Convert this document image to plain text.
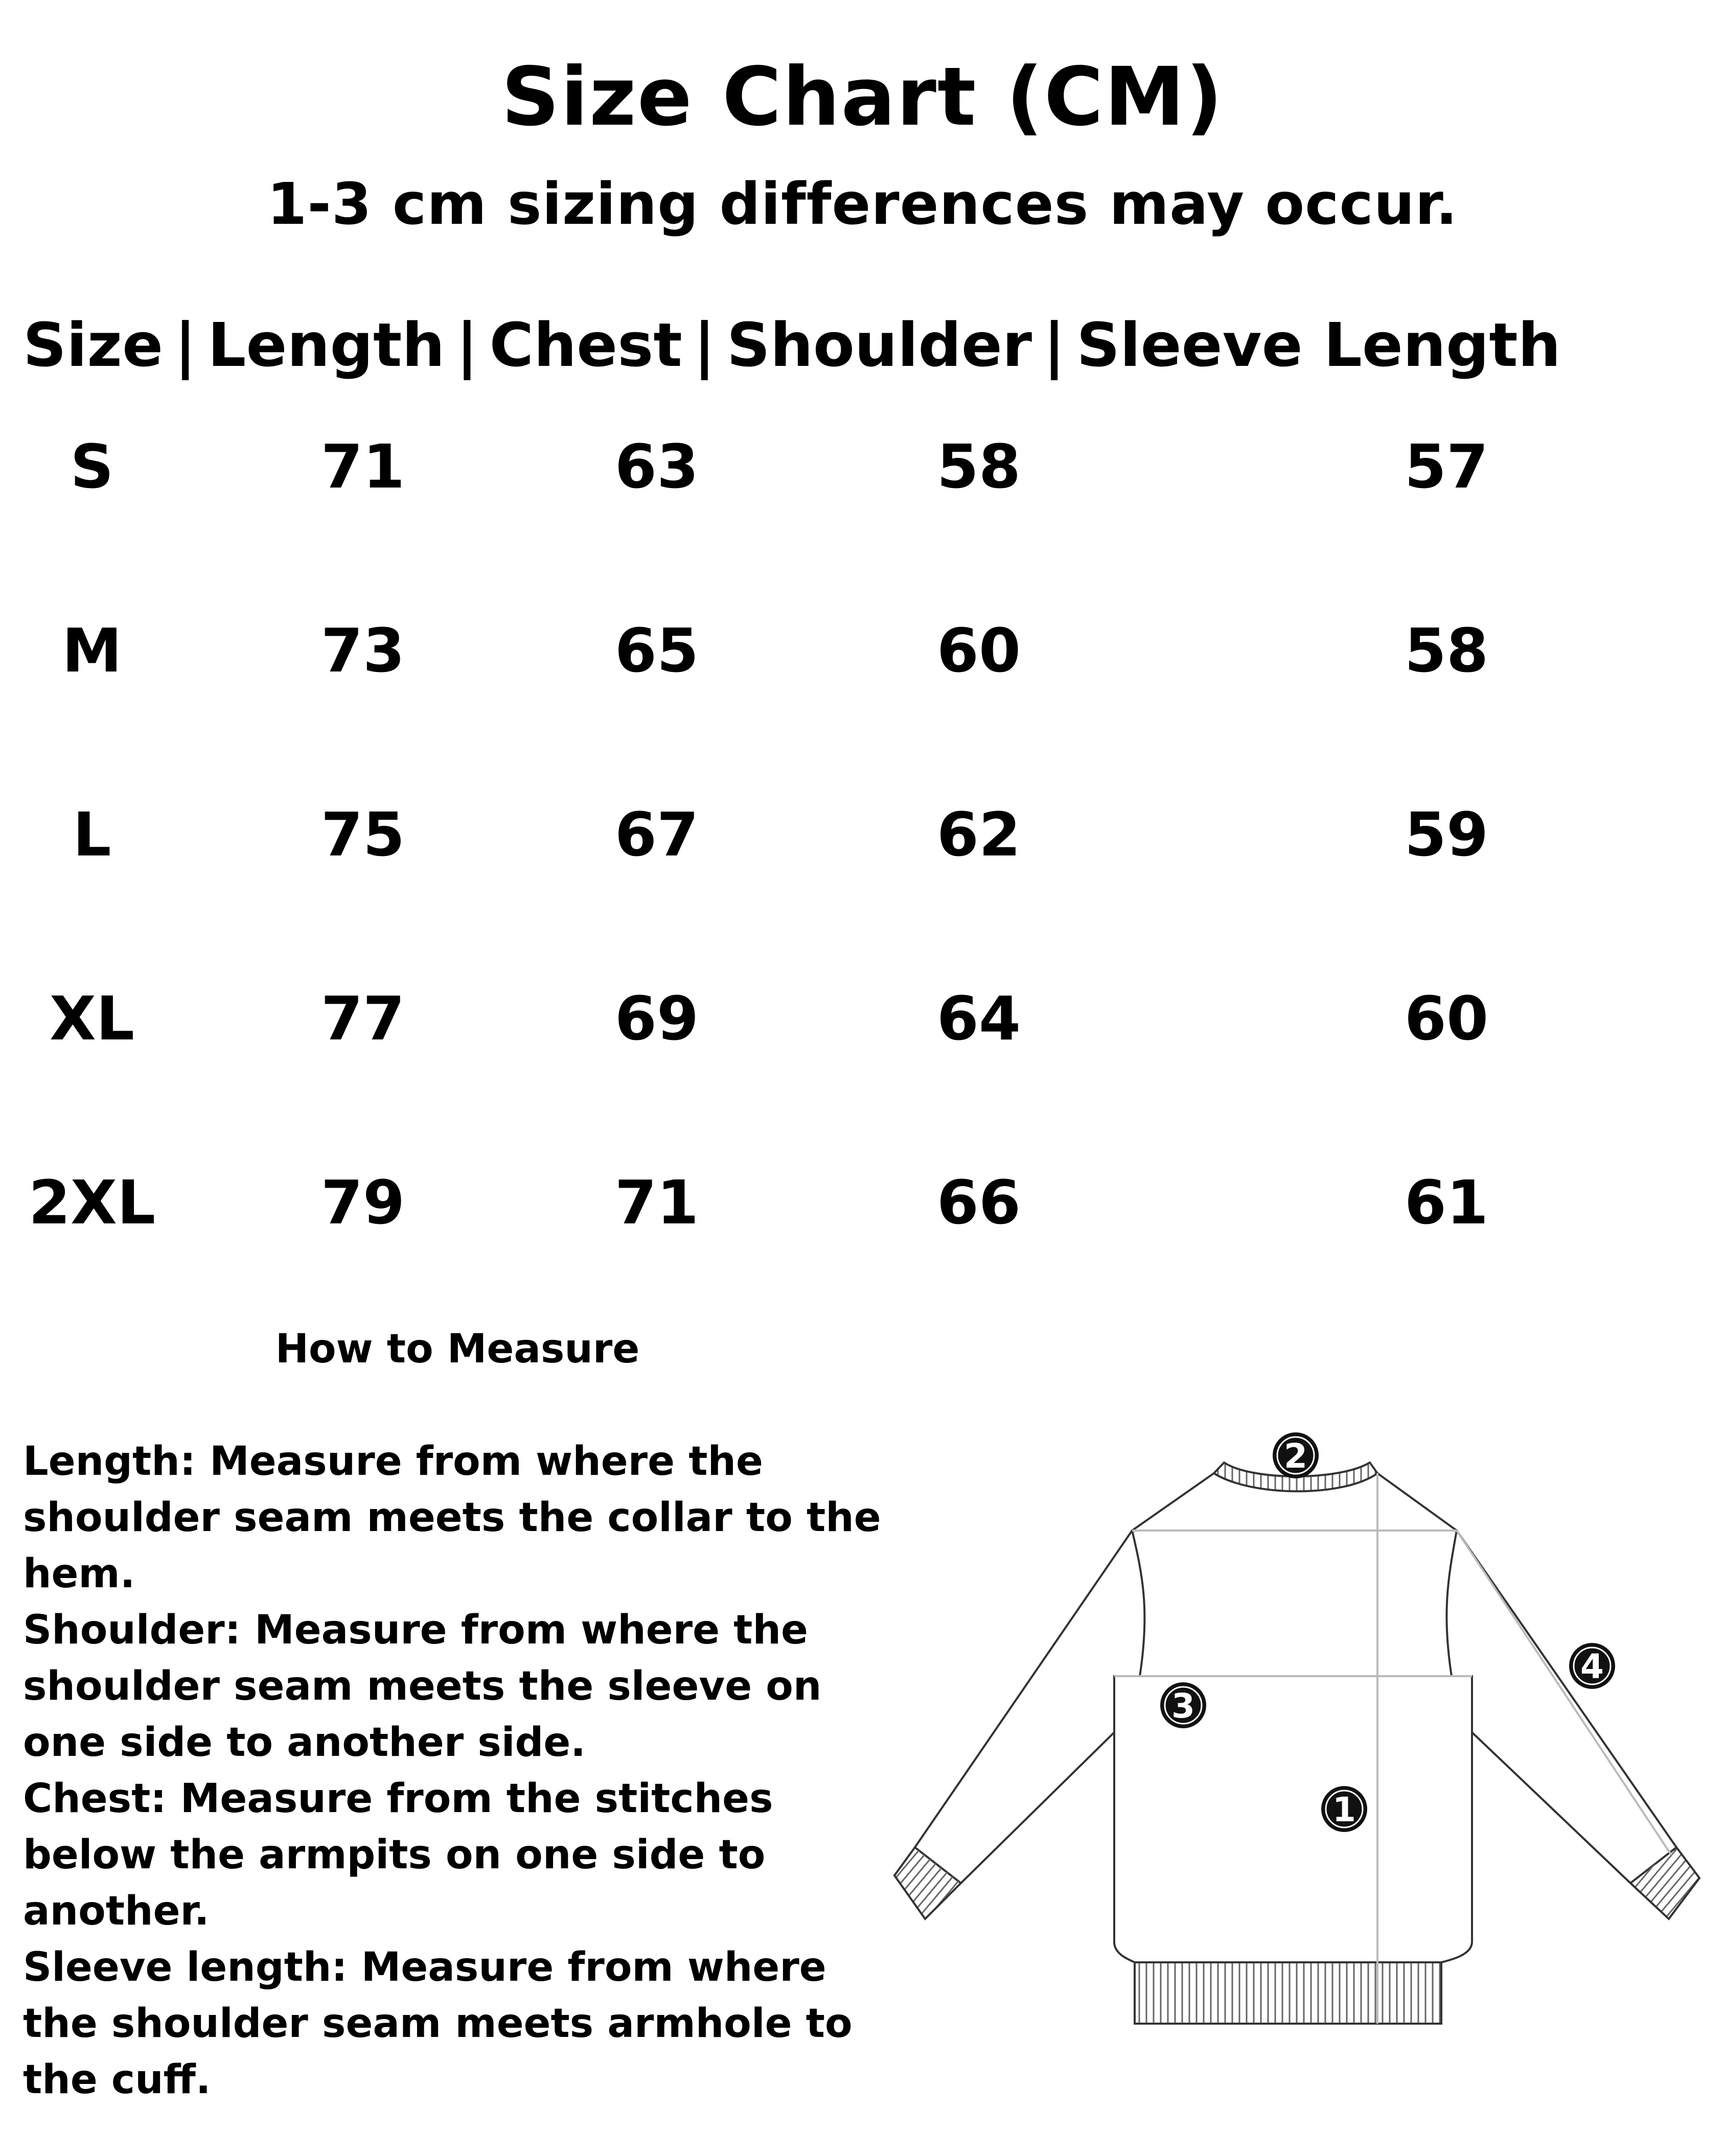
Size Chart (CM)
1-3 cm sizing differences may occur.
Size | Length | Chest | Shoulder | Sleeve Length
S	71	63	58	57
M	73	65	60	58
L	75	67	62	59
XL	77	69	64	60
2XL	79	71	66	61
How to Measure

Length: Measure from where the shoulder seam meets the collar to the hem.

Shoulder: Measure from where the shoulder seam meets the sleeve on one side to another side.

Chest: Measure from the stitches below the armpits on one side to another.

Sleeve length: Measure from where the shoulder seam meets armhole to the cuff.

2
3
1
4
